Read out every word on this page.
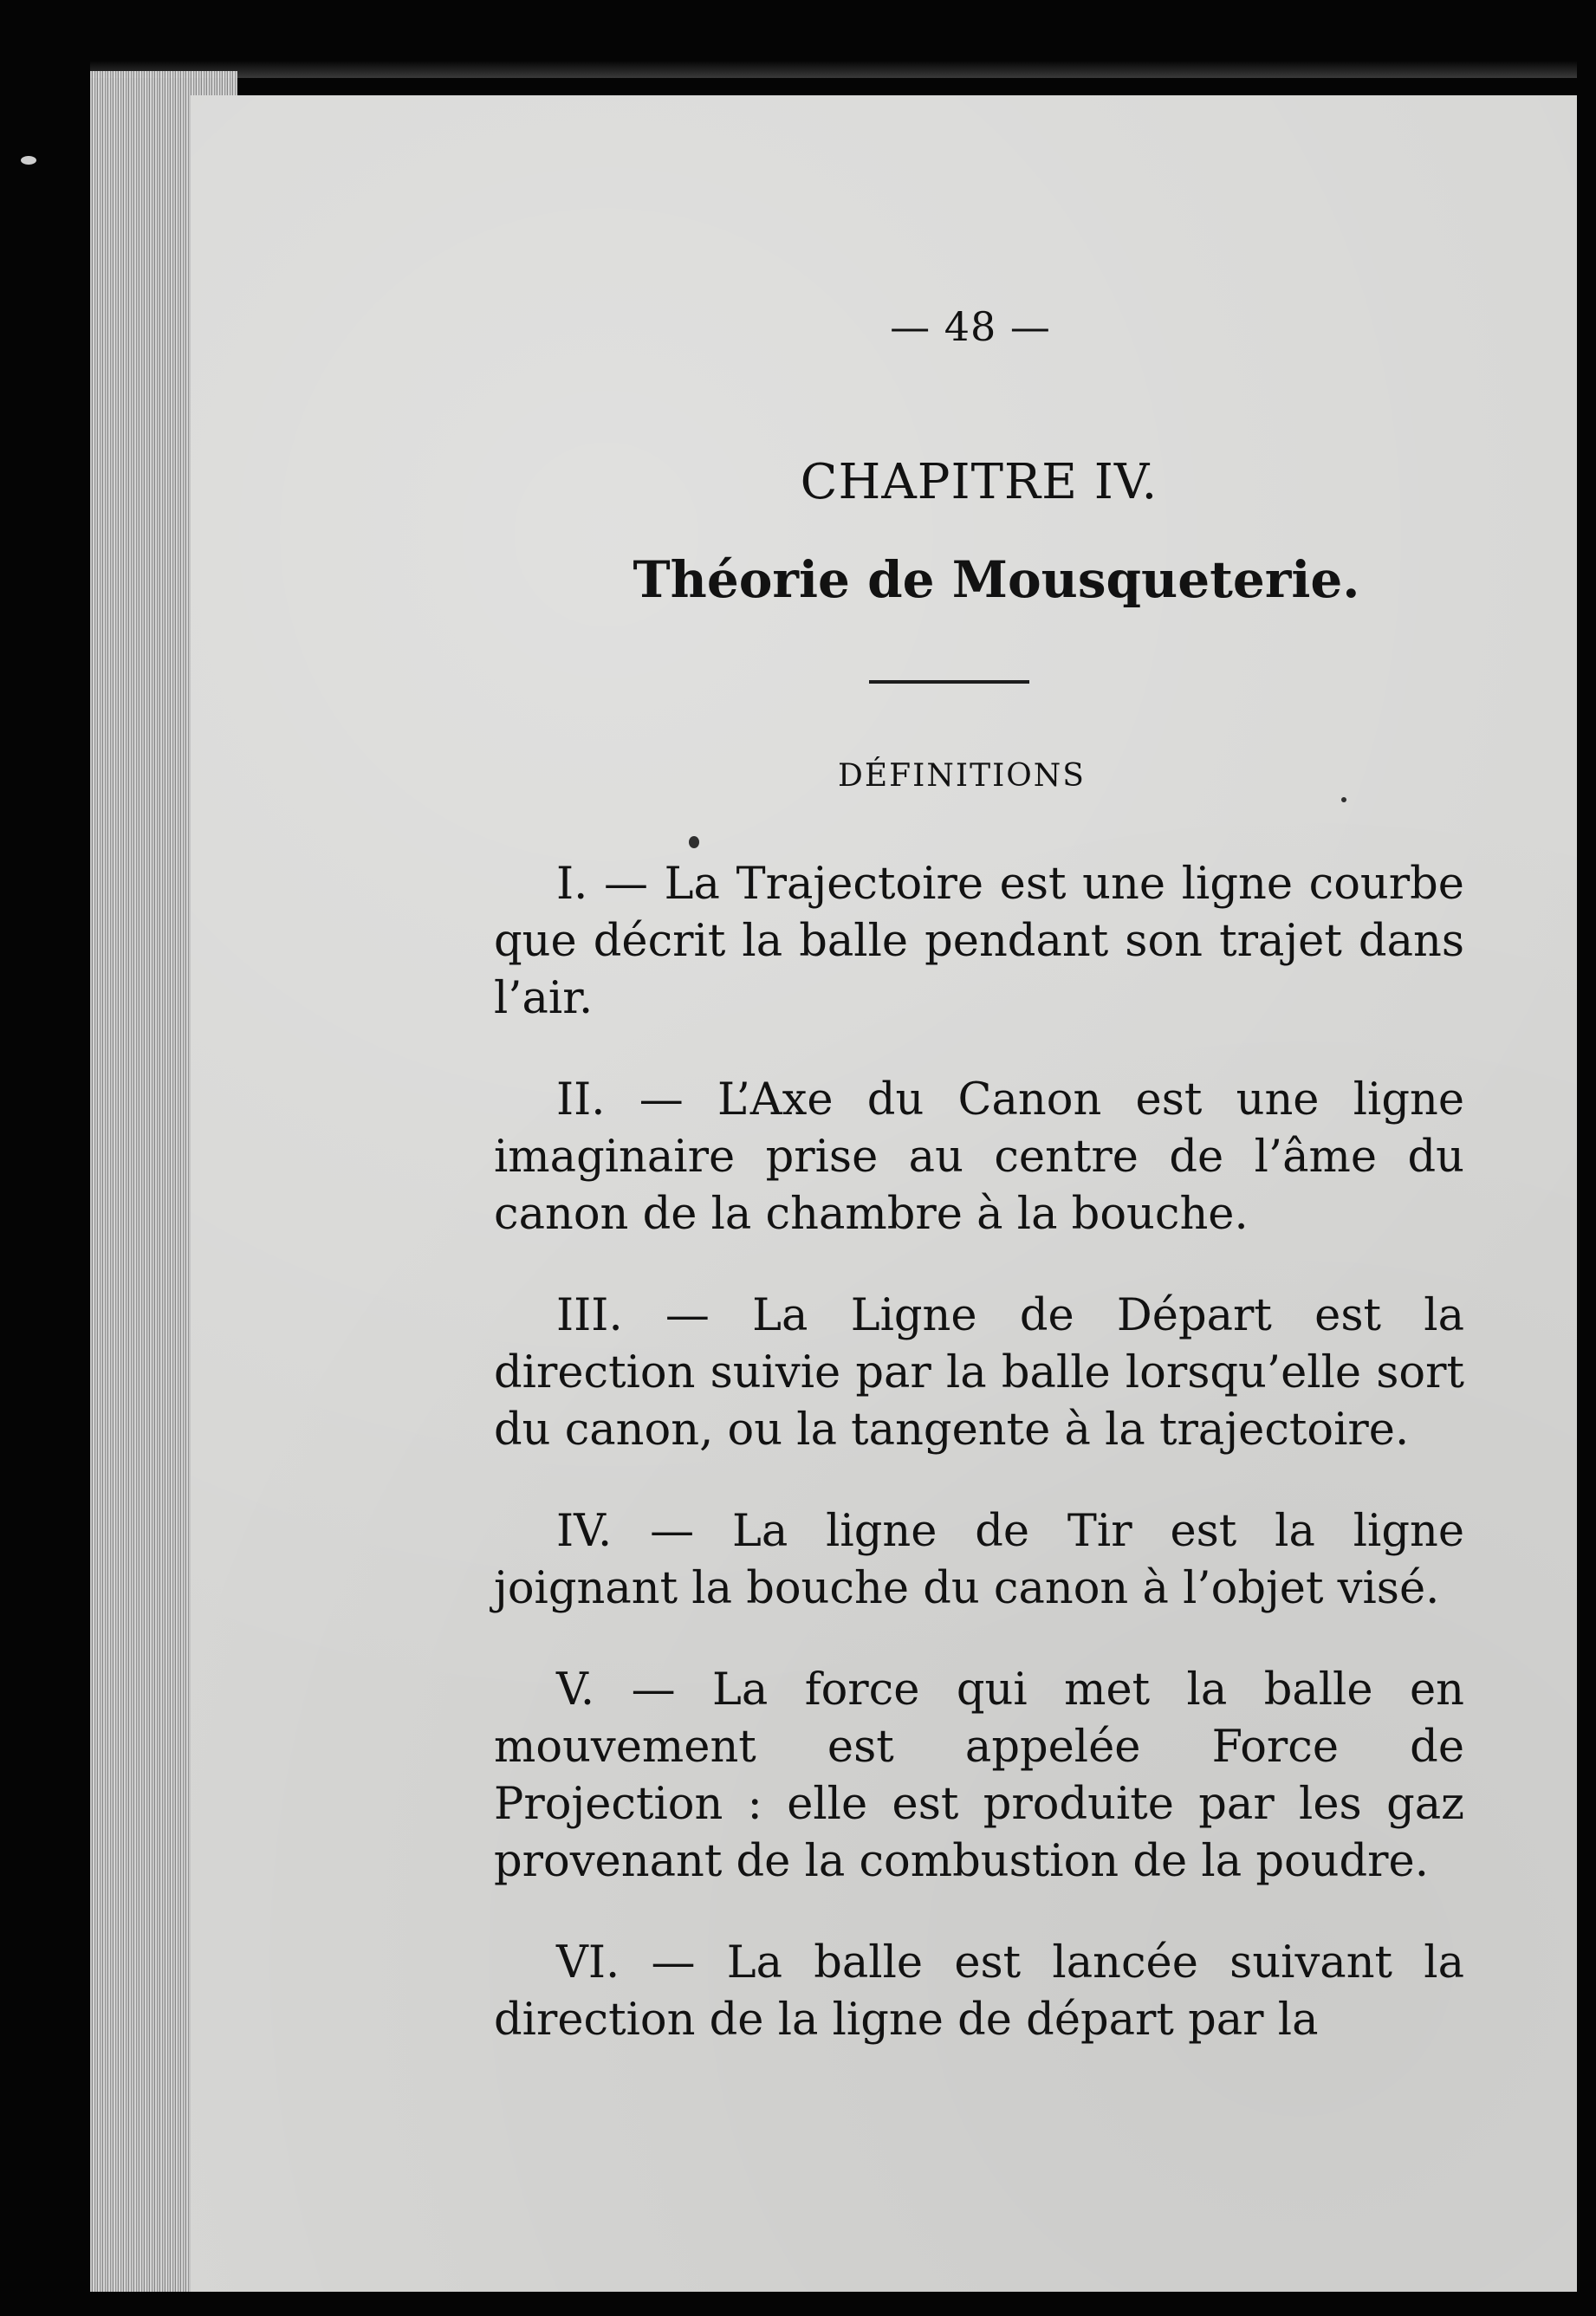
— 48 —
CHAPITRE IV.
Théorie de Mousqueterie.
DÉFINITIONS

I. — La Trajectoire est une ligne courbe que décrit la balle pendant son trajet dans l’air.

II. — L’Axe du Canon est une ligne imaginaire prise au centre de l’âme du canon de la chambre à la bouche.

III. — La Ligne de Départ est la direction suivie par la balle lorsqu’elle sort du canon, ou la tangente à la trajectoire.

IV. — La ligne de Tir est la ligne joignant la bouche du canon à l’objet visé.

V. — La force qui met la balle en mouvement est appelée Force de Projection : elle est produite par les gaz provenant de la combustion de la poudre.

VI. — La balle est lancée suivant la direction de la ligne de départ par la
